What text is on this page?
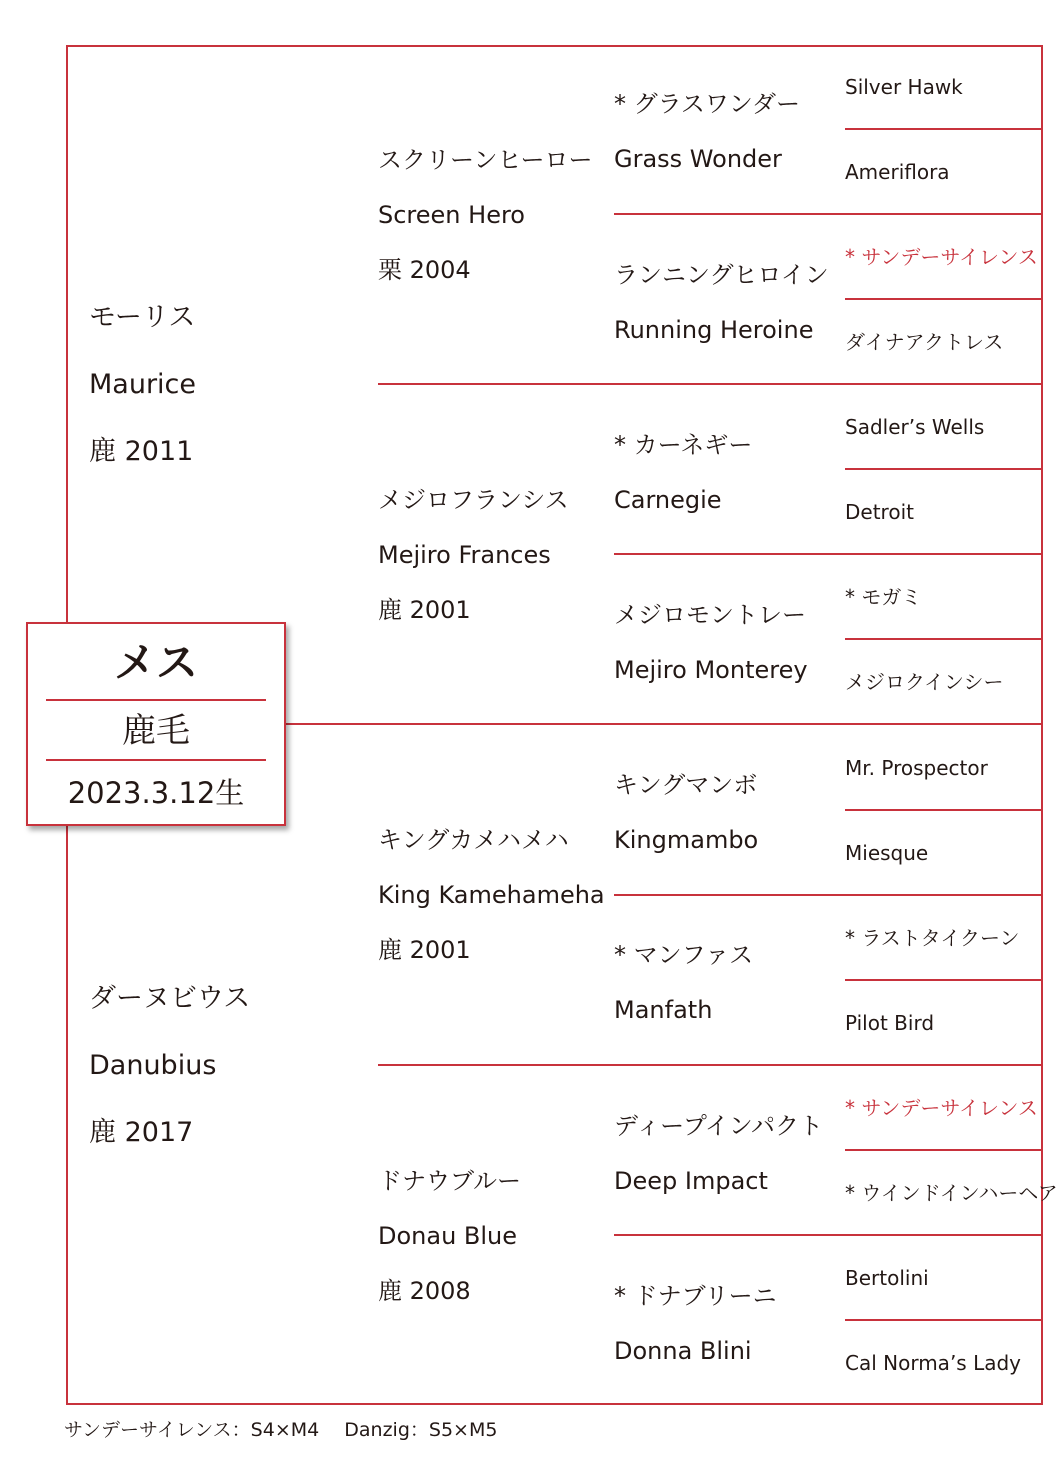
モーリス
Maurice
鹿 2011
ダーヌビウス
Danubius
鹿 2017
スクリーンヒーロー
Screen Hero
栗 2004
メジロフランシス
Mejiro Frances
鹿 2001
キングカメハメハ
King Kamehameha
鹿 2001
ドナウブルー
Donau Blue
鹿 2008
* グラスワンダー
Grass Wonder
ランニングヒロイン
Running Heroine
* カーネギー
Carnegie
メジロモントレー
Mejiro Monterey
キングマンボ
Kingmambo
* マンファス
Manfath
ディープインパクト
Deep Impact
* ドナブリーニ
Donna Blini
Silver Hawk
Ameriflora
* サンデーサイレンス
ダイナアクトレス
Sadler’s Wells
Detroit
* モガミ
メジロクインシー
Mr. Prospector
Miesque
* ラストタイクーン
Pilot Bird
* サンデーサイレンス
* ウインドインハーヘア
Bertolini
Cal Norma’s Lady
メス
鹿毛
2023.3.12生
サンデーサイレンス：S4×M4　 Danzig：S5×M5
